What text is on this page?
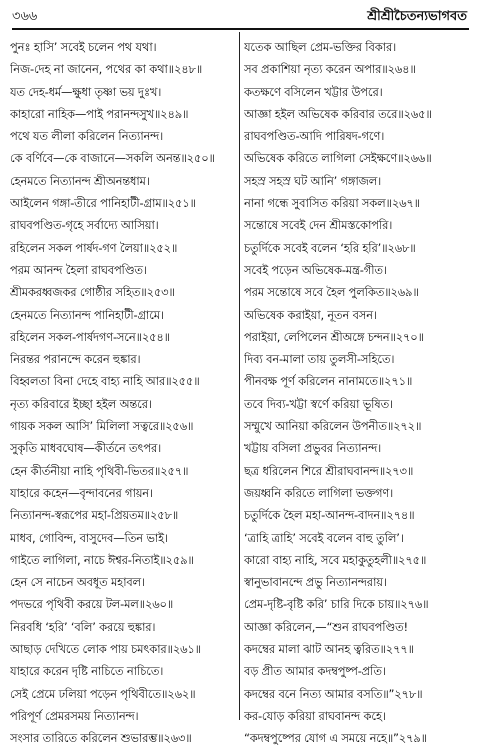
৩৬৬	শ্রীশ্রীচৈতন্যভাগবত
পুনঃ হাসি’ সবেই চলেন পথ যথা।
নিজ-দেহ না জানেন, পথের কা কথা॥২৪৮॥
যত দেহ-ধর্ম—ক্ষুধা তৃষ্ণা ভয় দুঃখ।
কাহারো নাহিক—পাই পরানন্দসুখ॥২৪৯॥
পথে যত লীলা করিলেন নিত্যানন্দ।
কে বর্ণিবে—কে বাজানে—সকলি অনন্ত॥২৫০॥
হেনমতে নিত্যানন্দ শ্রীঅনন্তধাম।
আইলেন গঙ্গা-তীরে পানিহাটী-গ্রাম॥২৫১॥
রাঘবপণ্ডিত-গৃহে সর্বাদ্যে আসিয়া।
রহিলেন সকল পার্ষদ-গণ লৈয়া॥২৫২॥
পরম আনন্দ হৈলা রাঘবপণ্ডিত।
শ্রীমকরধ্বজকর গোষ্ঠীর সহিত॥২৫৩॥
হেনমতে নিত্যানন্দ পানিহাটী-গ্রামে।
রহিলেন সকল-পার্ষদগণ-সনে॥২৫৪॥
নিরন্তর পরানন্দে করেন হুঙ্কার।
বিহ্বলতা বিনা দেহে বাহ্য নাহি আর॥২৫৫॥
নৃত্য করিবারে ইচ্ছা হইল অন্তরে।
গায়ক সকল আসি’ মিলিলা সত্বরে॥২৫৬॥
সুকৃতি মাধবঘোষ—কীর্তনে তৎপর।
হেন কীর্তনীয়া নাহি পৃথিবী-ভিতর॥২৫৭॥
যাহারে কহেন—বৃন্দাবনের গায়ন।
নিত্যানন্দ-স্বরূপের মহা-প্রিয়তম॥২৫৮॥
মাধব, গোবিন্দ, বাসুদেব—তিন ভাই।
গাইতে লাগিলা, নাচে ঈশ্বর-নিতাই॥২৫৯॥
হেন সে নাচেন অবধূত মহাবল।
পদভরে পৃথিবী করয়ে টল-মল॥২৬০॥
নিরবধি ‘হরি’ ‘বলি’ করয়ে হুঙ্কার।
আছাড় দেখিতে লোক পায় চমৎকার॥২৬১॥
যাহারে করেন দৃষ্টি নাচিতে নাচিতে।
সেই প্রেমে ঢলিয়া পড়েন পৃথিবীতে॥২৬২॥
পরিপূর্ণ প্রেমরসময় নিত্যানন্দ।
সংসার তারিতে করিলেন শুভারম্ভ॥২৬৩॥
যতেক আছিল প্রেম-ভক্তির বিকার।
সব প্রকাশিয়া নৃত্য করেন অপার॥২৬৪॥
কতক্ষণে বসিলেন খট্টার উপরে।
আজ্ঞা হইল অভিষেক করিবার তরে॥২৬৫॥
রাঘবপণ্ডিত-আদি পারিষদ-গণে।
অভিষেক করিতে লাগিলা সেইক্ষণে॥২৬৬॥
সহস্র সহস্র ঘট আনি’ গঙ্গাজল।
নানা গন্ধে সুবাসিত করিয়া সকল॥২৬৭॥
সন্তোষে সবেই দেন শ্রীমস্তকোপরি।
চতুর্দিকে সবেই বলেন ‘হরি হরি’॥২৬৮॥
সবেই পড়েন অভিষেক-মন্ত্র-গীত।
পরম সন্তোষে সবে হৈল পুলকিত॥২৬৯॥
অভিষেক করাইয়া, নূতন বসন।
পরাইয়া, লেপিলেন শ্রীঅঙ্গে চন্দন॥২৭০॥
দিব্য বন-মালা তায় তুলসী-সহিতে।
পীনবক্ষ পূর্ণ করিলেন নানামতে॥২৭১॥
তবে দিব্য-খট্টা স্বর্ণে করিয়া ভূষিত।
সম্মুখে আনিয়া করিলেন উপনীত॥২৭২॥
খট্টায় বসিলা প্রভুবর নিত্যানন্দ।
ছত্র ধরিলেন শিরে শ্রীরাঘবানন্দ॥২৭৩॥
জয়ধ্বনি করিতে লাগিলা ভক্তগণ।
চতুর্দিকে হৈল মহা-আনন্দ-বাদন॥২৭৪॥
‘ত্রাহি ত্রাহি’ সবেই বলেন বাহু তুলি’।
কারো বাহ্য নাহি, সবে মহাকুতুহলী॥২৭৫॥
স্বানুভাবানন্দে প্রভু নিত্যানন্দরায়।
প্রেম-দৃষ্টি-বৃষ্টি করি’ চারি দিকে চায়॥২৭৬॥
আজ্ঞা করিলেন,—“শুন রাঘবপণ্ডিত!
কদম্বের মালা ঝাট আনহ ত্বরিত॥২৭৭॥
বড় প্রীত আমার কদম্বপুষ্প-প্রতি।
কদম্বের বনে নিত্য আমার বসতি॥”২৭৮॥
কর-যোড় করিয়া রাঘবানন্দ কহে।
“কদম্বপুষ্পের যোগ এ সময়ে নহে॥”২৭৯॥
